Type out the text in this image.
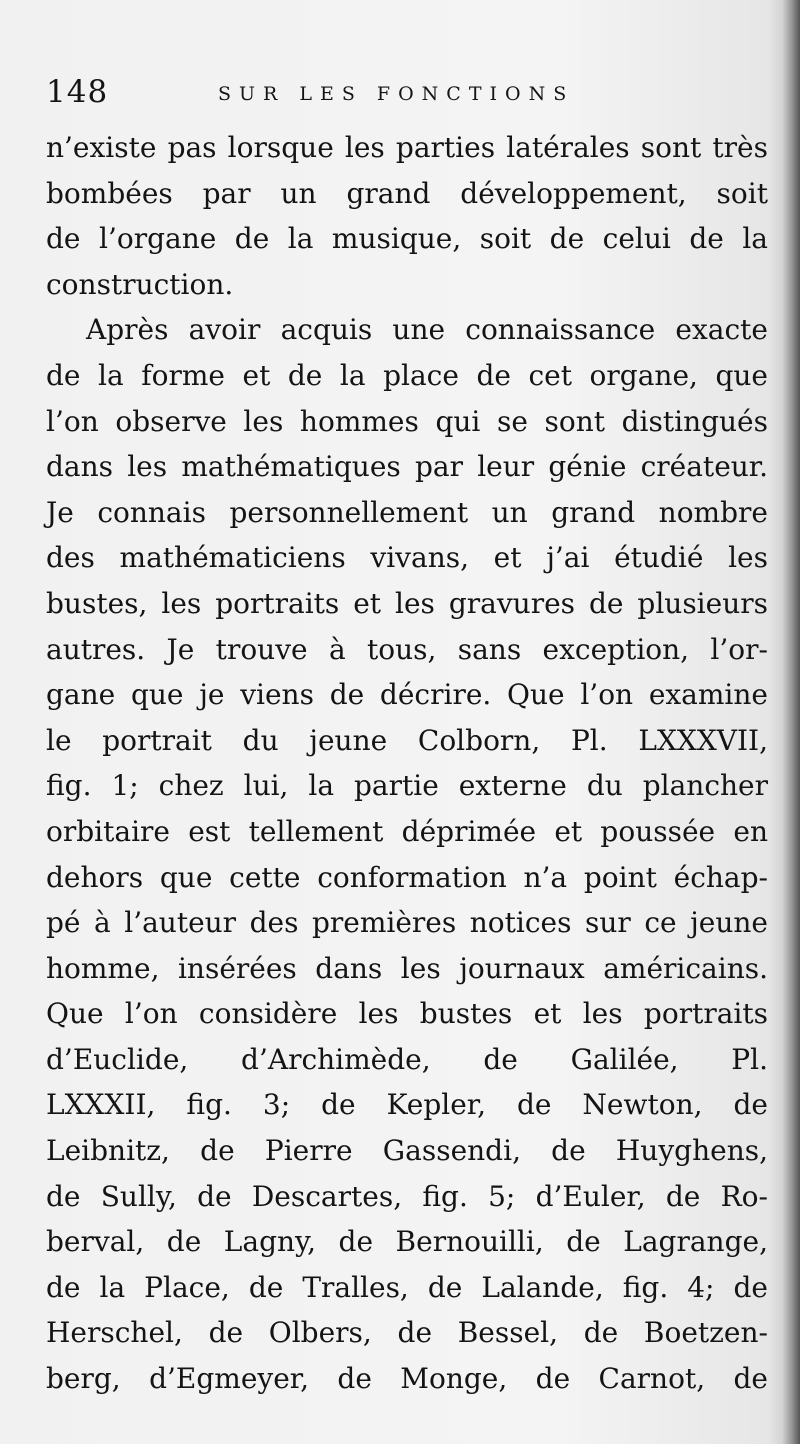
148	SUR LES FONCTIONS
n’existe pas lorsque les parties latérales sont très
bombées par un grand développement, soit
de l’organe de la musique, soit de celui de la
construction.
Après avoir acquis une connaissance exacte
de la forme et de la place de cet organe, que
l’on observe les hommes qui se sont distingués
dans les mathématiques par leur génie créateur.
Je connais personnellement un grand nombre
des mathématiciens vivans, et j’ai étudié les
bustes, les portraits et les gravures de plusieurs
autres. Je trouve à tous, sans exception, l’or-
gane que je viens de décrire. Que l’on examine
le portrait du jeune Colborn, Pl. LXXXVII,
fig. 1; chez lui, la partie externe du plancher
orbitaire est tellement déprimée et poussée en
dehors que cette conformation n’a point échap-
pé à l’auteur des premières notices sur ce jeune
homme, insérées dans les journaux américains.
Que l’on considère les bustes et les portraits
d’Euclide, d’Archimède, de Galilée, Pl.
LXXXII, fig. 3; de Kepler, de Newton, de
Leibnitz, de Pierre Gassendi, de Huyghens,
de Sully, de Descartes, fig. 5; d’Euler, de Ro-
berval, de Lagny, de Bernouilli, de Lagrange,
de la Place, de Tralles, de Lalande, fig. 4; de
Herschel, de Olbers, de Bessel, de Boetzen-
berg, d’Egmeyer, de Monge, de Carnot, de
